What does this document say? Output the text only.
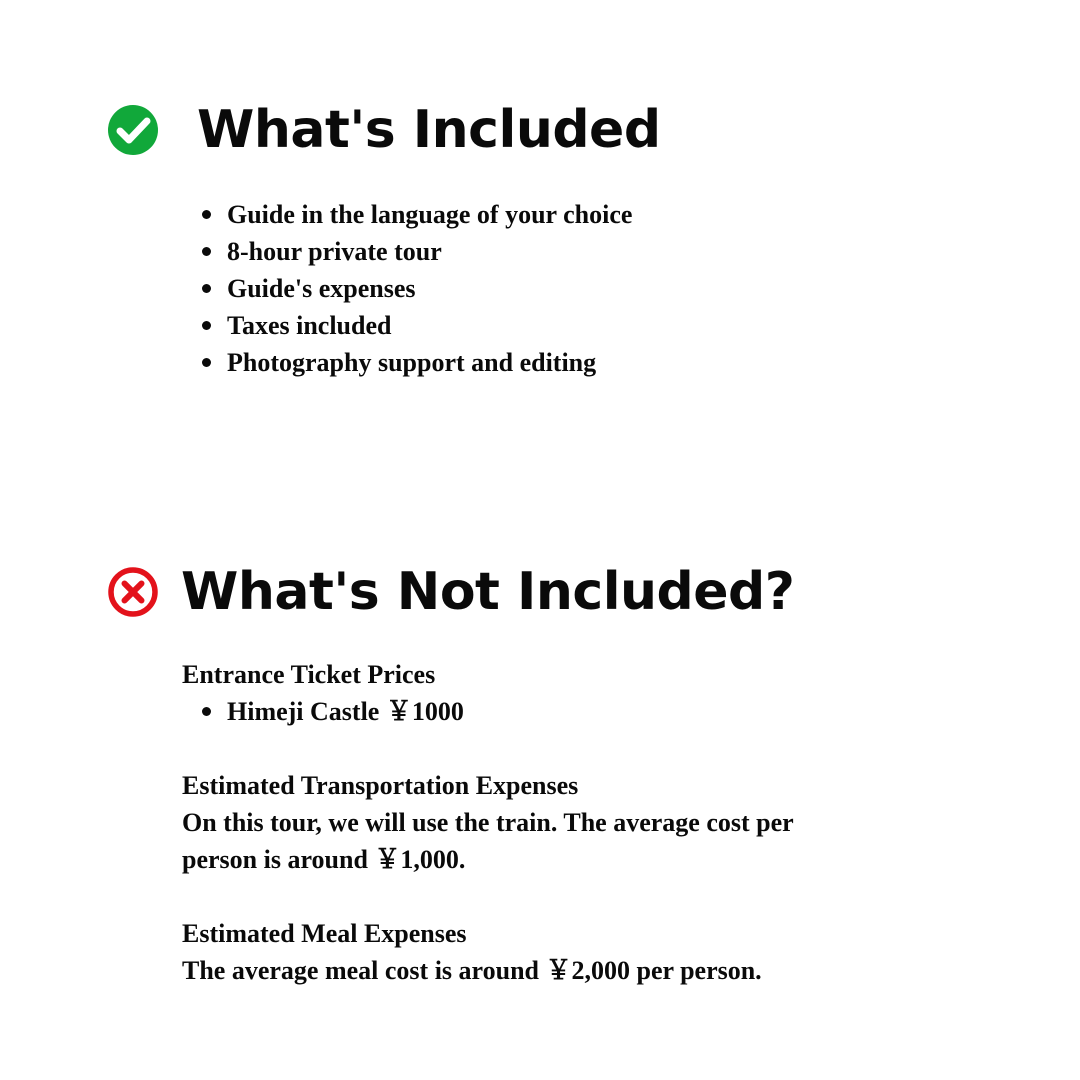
What's Included
Guide in the language of your choice
8-hour private tour
Guide's expenses
Taxes included
Photography support and editing
What's Not Included?

Entrance Ticket Prices

Himeji Castle ￥1000

Estimated Transportation Expenses

On this tour, we will use the train. The average cost per person is around ￥1,000.

Estimated Meal Expenses

The average meal cost is around ￥2,000 per person.
